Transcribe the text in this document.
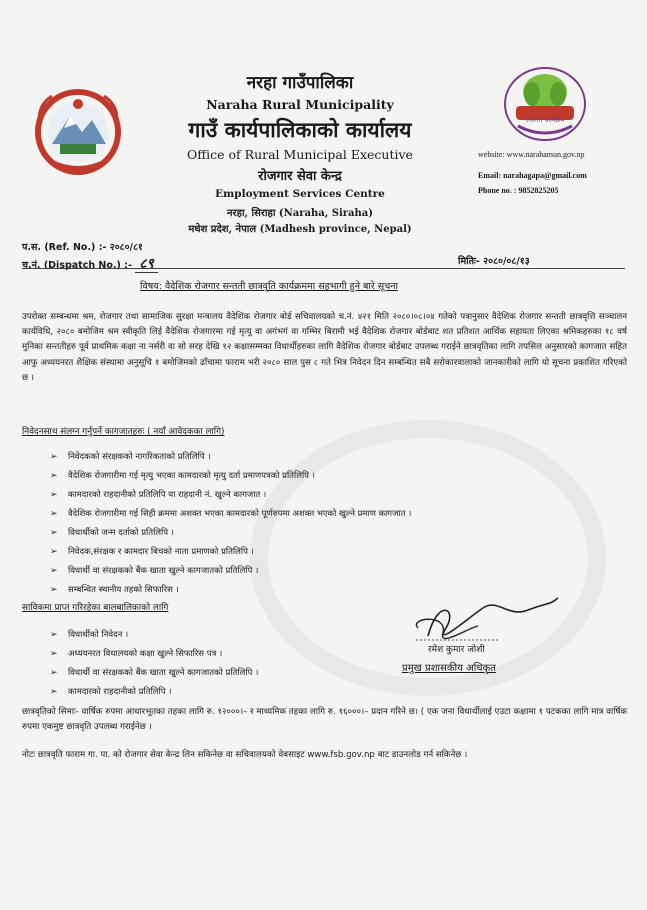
रोजगार कार्यक्रम
नरहा गाउँपालिका
Naraha Rural Municipality
गाउँ कार्यपालिकाको कार्यालय
Office of Rural Municipal Executive
रोजगार सेवा केन्द्र
Employment Services Centre
नरहा, सिराहा (Naraha, Siraha)
मधेश प्रदेश, नेपाल (Madhesh province, Nepal)
website: www.narahamun.gov.np
Email: narahagapa@gmail.com
Phone no. : 9852825205
प.स. (Ref. No.) :- २०८०/८१
च.नं. (Dispatch No.) :- ८९	मितिः- २०८०/०८/१३
विषय: वैदेशिक रोजगार सन्तती छात्रवृति कार्यक्रममा सहभागी हुने बारे सूचना
उपरोक्त सम्बन्धमा श्रम, रोजगार तथा सामाजिक सुरक्षा मन्त्रालय वैदेशिक रोजगार बोर्ड सचिवालयको च.नं. ४२१ मिति २०८०।०८।०४ गतेको पत्रानुसार वैदेशिक रोजगार सन्तती छात्रवृत्ति सञ्चालन कार्यविधि, २०८० बमोजिम श्रम स्वीकृति लिई वैदेशिक रोजगारमा गई मृत्यु वा अगंभगं वा गम्भिर बिरामी भई वैदेशिक रोजगार बोर्डबाट शत प्रतिशत आर्थिक सहायता लिएका श्रमिकहरुका १८ वर्ष मुनिका सन्ततीहरु पूर्व प्राथमिक कक्षा ना नर्सरी वा सो सरह देखि १२ कक्षासम्मका विधार्थीहरुका लागि वैदेशिक रोजगार बोर्डबाट उपलब्ध गराईने छात्रवृतिका लागि तपसिल अनुसारको कागजात सहित आफु अध्ययनरत शैक्षिक संस्थामा अनुसूचि १ बमोजिमको ढाँचामा फाराम भरी २०८० साल पुस ८ गते भित्र निवेदन दिन सम्बन्धित सबै सरोकारवालाको जानकारीको लागि यो सूचना प्रकाशित गरिएको छ ।
निवेदनसाथ संलग्न गर्नुपर्ने कागजातहरुः ( नयाँ आवेदकका लागि)
➢ निवेदकको संरक्षकको नागरिकताको प्रतिलिपि ।
➢ वैदेशिक रोजगारीमा गई मृत्यु भएका कामदारको मृत्यु दर्ता प्रमाणपत्रको प्रतिलिपि ।
➢ कामदारको राहदानीको प्रतिलिपि या राहदानी नं. खुल्ने कागजात ।
➢ वैदेशिक रोजगारीमा गई सिही क्रममा अशक्त भएका कामदारको पूर्णरुपमा अशक्त भएको खुल्ने प्रमाण कागजात ।
➢ विधार्थीको जन्म दर्ताको प्रतिलिपि ।
➢ निवेदक,संरक्षक र कामदार बिचको नाता प्रमाणको प्रतिलिपि ।
➢ विधार्थी वा संरक्षकको बैंक खाता खुल्ने कागजातको प्रतिलिपि ।
➢ सम्बन्धित स्थानीय तहको सिफारिस ।
साविकमा प्राप्त गरिरहेका बालबालिकाको लागि
➢ विधार्थीको निवेदन ।
➢ अध्ययनरत विधालयको कक्षा खुल्ने सिफारिस पत्र ।
➢ विधार्थी वा संरक्षकको बैंक खाता खुल्ने कागजातको प्रतिलिपि ।
➢ कामदारको राहदानीको प्रतिलिपि ।
रमेश कुमार जोशी
प्रमुख प्रशासकीय अधिकृत
छात्रवृतिको सिमाः- वार्षिक रुपमा आधारभूतका तहका लागि रु. १२०००।– र माध्यमिक तहका लागि रु. १६०००।– प्रदान गरिने छ। ( एक जना विधार्थीलाई एउटा कक्षामा १ पटकका लागि मात्र वार्षिक रुपमा एकमुष्ट छात्रवृति उपलब्ध गराईनेछ ।
नोटः छात्रवृति फाराम गा. पा. को रोजगार सेवा केन्द्र लिन सकिनेछ वा सचिवालयको वेबसाइट www.fsb.gov.np बाट डाउनलोड गर्न सकिनेछ ।
